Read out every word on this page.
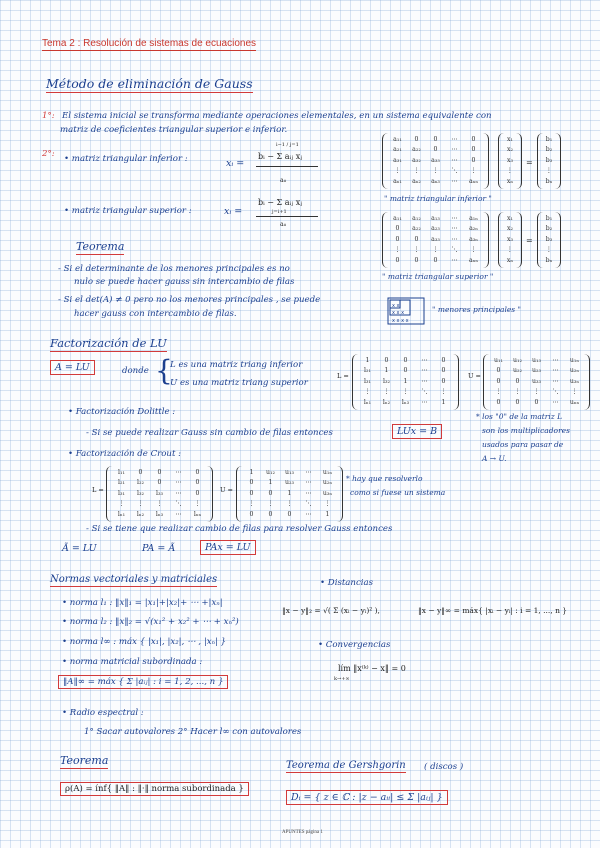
Tema 2 : Resolución de sistemas de ecuaciones
Método de eliminación de Gauss
1°: El sistema inicial se transforma mediante operaciones elementales, en un sistema equivalente con
matriz de coeficientes triangular superior e inferior.
2°: • matriz triangular inferior :	xᵢ =
bᵢ − Σ aᵢⱼ xⱼ
i−1 / j=1
aᵢᵢ
• matriz triangular superior :	xᵢ =
bᵢ − Σ aᵢⱼ xⱼ
j=i+1
aᵢᵢ
a₁₁	0	0	⋯	0
a₂₁	a₂₂	0	⋯	0
a₃₁	a₃₂	a₃₃	⋯	0
⋮	⋮	⋮	⋱	⋮
aₙ₁	aₙ₂	aₙ₃	⋯	aₙₙ
x₁
x₂
x₃
⋮
xₙ
=
b₁
b₂
b₃
⋮
bₙ
" matriz triangular inferior "
a₁₁	a₁₂	a₁₃	⋯	a₁ₙ
0	a₂₂	a₂₃	⋯	a₂ₙ
0	0	a₃₃	⋯	a₃ₙ
⋮	⋮	⋮	⋱	⋮
0	0	0	⋯	aₙₙ
x₁
x₂
x₃
⋮
xₙ
=
b₁
b₂
b₃
⋮
bₙ
" matriz triangular superior "
Teorema
- Si el determinante de los menores principales es no
nulo se puede hacer gauss sin intercambio de filas
- Si el det(A) ≠ 0 pero no los menores principales , se puede
hacer gauss con intercambio de filas.
x x
x x x
x x x x
" menores principales "
Factorización de LU
A = LU	donde {
L es una matriz triang inferior
U es una matriz triang superior
L =
1	0	0	⋯	0
l₂₁	1	0	⋯	0
l₃₁	l₃₂	1	⋯	0
⋮	⋮	⋮	⋱	⋮
lₙ₁	lₙ₂	lₙ₃	⋯	1
U =
u₁₁	u₁₂	u₁₃	⋯	u₁ₙ
0	u₂₂	u₂₃	⋯	u₂ₙ
0	0	u₃₃	⋯	u₃ₙ
⋮	⋮	⋮	⋱	⋮
0	0	0	⋯	uₙₙ
• Factorización Dolittle :
- Si se puede realizar Gauss sin cambio de filas entonces	LUx = B
* los "0" de la matriz L
son los multiplicadores
usados para pasar de
A → U.
• Factorización de Crout :
L =
l₁₁	0	0	⋯	0
l₂₁	l₂₂	0	⋯	0
l₃₁	l₃₂	l₃₃	⋯	0
⋮	⋮	⋮	⋱	⋮
lₙ₁	lₙ₂	lₙ₃	⋯	lₙₙ
U =
1	u₁₂	u₁₃	⋯	u₁ₙ
0	1	u₂₃	⋯	u₂ₙ
0	0	1	⋯	u₃ₙ
⋮	⋮	⋮	⋱	⋮
0	0	0	⋯	1
* hay que resolverlo
como si fuese un sistema
- Si se tiene que realizar cambio de filas para resolver Gauss entonces
Ã = LU	PA = Ã	PAx = LU
Normas vectoriales y matriciales
• norma l₁ : ‖x‖₁ = |x₁|+|x₂|+ ⋯ +|xₙ|
• norma l₂ : ‖x‖₂ = √(x₁² + x₂² + ⋯ + xₙ²)
• norma l∞ : máx { |x₁|, |x₂|, ⋯ , |xₙ| }
• norma matricial subordinada :
‖A‖∞ = máx { Σ |aᵢⱼ| : i = 1, 2, ..., n }
• Radio espectral :
1° Sacar autovalores 2° Hacer l∞ con autovalores
• Distancias
‖x − y‖₂ = √( Σ (xᵢ − yᵢ)² ),	‖x − y‖∞ = máx{ |xᵢ − yᵢ| : i = 1, ..., n }
• Convergencias
lím ‖x⁽ᵏ⁾ − x‖ = 0
k→+∞
Teorema
ρ(A) = ínf{ ‖A‖ : ‖·‖ norma subordinada }
Teorema de Gershgorin ( discos )
Dᵢ = { z ∈ ℂ : |z − aᵢᵢ| ≤ Σ |aᵢⱼ| }
APUNTES página 1
